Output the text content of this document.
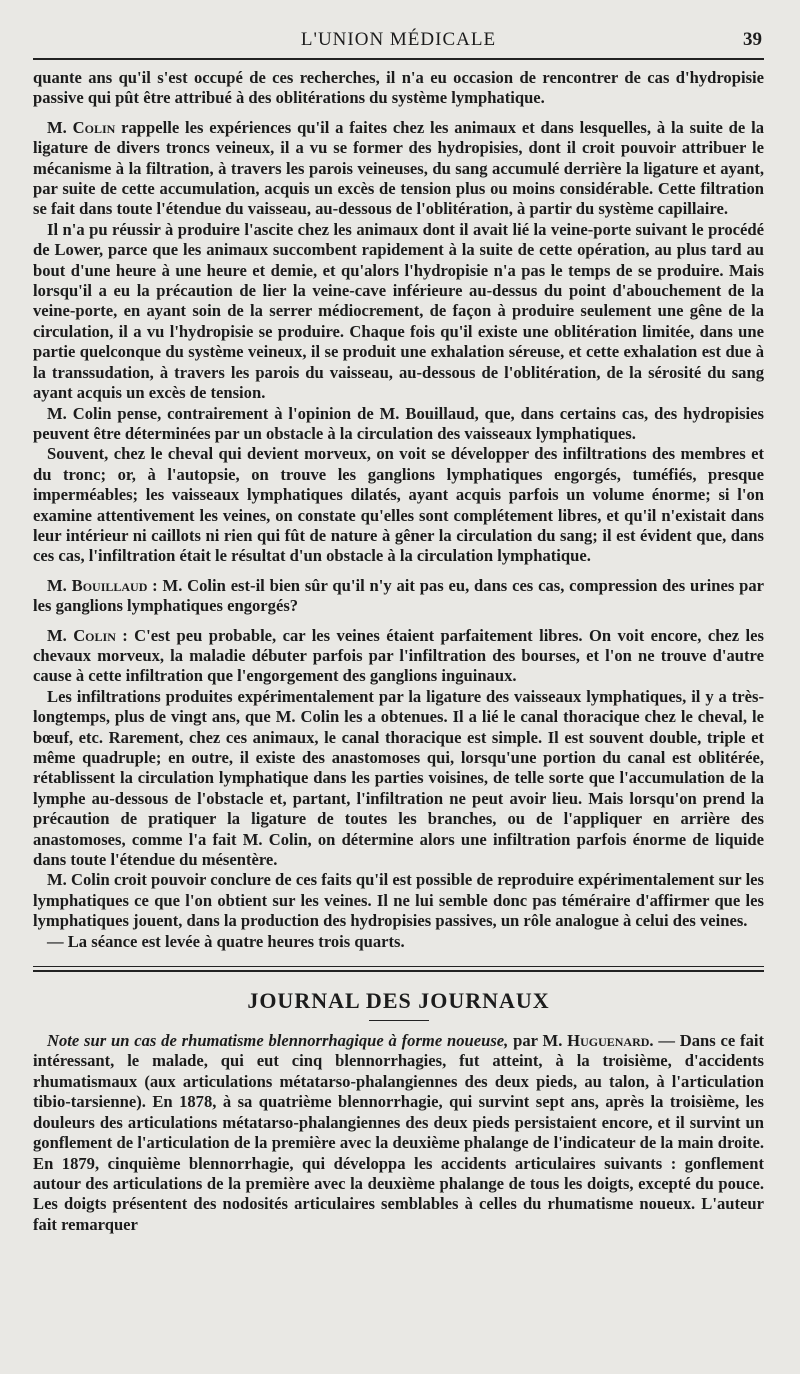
L'UNION MÉDICALE	39

quante ans qu'il s'est occupé de ces recherches, il n'a eu occasion de rencontrer de cas d'hydropisie passive qui pût être attribué à des oblitérations du système lymphatique.

M. Colin rappelle les expériences qu'il a faites chez les animaux et dans lesquelles, à la suite de la ligature de divers troncs veineux, il a vu se former des hydropisies, dont il croit pouvoir attribuer le mécanisme à la filtration, à travers les parois veineuses, du sang accumulé derrière la ligature et ayant, par suite de cette accumulation, acquis un excès de tension plus ou moins considérable. Cette filtration se fait dans toute l'étendue du vaisseau, au-dessous de l'oblitération, à partir du système capillaire.

Il n'a pu réussir à produire l'ascite chez les animaux dont il avait lié la veine-porte suivant le procédé de Lower, parce que les animaux succombent rapidement à la suite de cette opération, au plus tard au bout d'une heure à une heure et demie, et qu'alors l'hydropisie n'a pas le temps de se produire. Mais lorsqu'il a eu la précaution de lier la veine-cave inférieure au-dessus du point d'abouchement de la veine-porte, en ayant soin de la serrer médiocrement, de façon à produire seulement une gêne de la circulation, il a vu l'hydropisie se produire. Chaque fois qu'il existe une oblitération limitée, dans une partie quelconque du système veineux, il se produit une exhalation séreuse, et cette exhalation est due à la transsudation, à travers les parois du vaisseau, au-dessous de l'oblitération, de la sérosité du sang ayant acquis un excès de tension.

M. Colin pense, contrairement à l'opinion de M. Bouillaud, que, dans certains cas, des hydropisies peuvent être déterminées par un obstacle à la circulation des vaisseaux lymphatiques.

Souvent, chez le cheval qui devient morveux, on voit se développer des infiltrations des membres et du tronc; or, à l'autopsie, on trouve les ganglions lymphatiques engorgés, tuméfiés, presque imperméables; les vaisseaux lymphatiques dilatés, ayant acquis parfois un volume énorme; si l'on examine attentivement les veines, on constate qu'elles sont complétement libres, et qu'il n'existait dans leur intérieur ni caillots ni rien qui fût de nature à gêner la circulation du sang; il est évident que, dans ces cas, l'infiltration était le résultat d'un obstacle à la circulation lymphatique.

M. Bouillaud : M. Colin est-il bien sûr qu'il n'y ait pas eu, dans ces cas, compression des urines par les ganglions lymphatiques engorgés?

M. Colin : C'est peu probable, car les veines étaient parfaitement libres. On voit encore, chez les chevaux morveux, la maladie débuter parfois par l'infiltration des bourses, et l'on ne trouve d'autre cause à cette infiltration que l'engorgement des ganglions inguinaux.

Les infiltrations produites expérimentalement par la ligature des vaisseaux lymphatiques, il y a très-longtemps, plus de vingt ans, que M. Colin les a obtenues. Il a lié le canal thoracique chez le cheval, le bœuf, etc. Rarement, chez ces animaux, le canal thoracique est simple. Il est souvent double, triple et même quadruple; en outre, il existe des anastomoses qui, lorsqu'une portion du canal est oblitérée, rétablissent la circulation lymphatique dans les parties voisines, de telle sorte que l'accumulation de la lymphe au-dessous de l'obstacle et, partant, l'infiltration ne peut avoir lieu. Mais lorsqu'on prend la précaution de pratiquer la ligature de toutes les branches, ou de l'appliquer en arrière des anastomoses, comme l'a fait M. Colin, on détermine alors une infiltration parfois énorme de liquide dans toute l'étendue du mésentère.

M. Colin croit pouvoir conclure de ces faits qu'il est possible de reproduire expérimentalement sur les lymphatiques ce que l'on obtient sur les veines. Il ne lui semble donc pas téméraire d'affirmer que les lymphatiques jouent, dans la production des hydropisies passives, un rôle analogue à celui des veines.

— La séance est levée à quatre heures trois quarts.

JOURNAL DES JOURNAUX

Note sur un cas de rhumatisme blennorrhagique à forme noueuse, par M. Huguenard. — Dans ce fait intéressant, le malade, qui eut cinq blennorrhagies, fut atteint, à la troisième, d'accidents rhumatismaux (aux articulations métatarso-phalangiennes des deux pieds, au talon, à l'articulation tibio-tarsienne). En 1878, à sa quatrième blennorrhagie, qui survint sept ans, après la troisième, les douleurs des articulations métatarso-phalangiennes des deux pieds persistaient encore, et il survint un gonflement de l'articulation de la première avec la deuxième phalange de l'indicateur de la main droite. En 1879, cinquième blennorrhagie, qui développa les accidents articulaires suivants : gonflement autour des articulations de la première avec la deuxième phalange de tous les doigts, excepté du pouce. Les doigts présentent des nodosités articulaires semblables à celles du rhumatisme noueux. L'auteur fait remarquer
